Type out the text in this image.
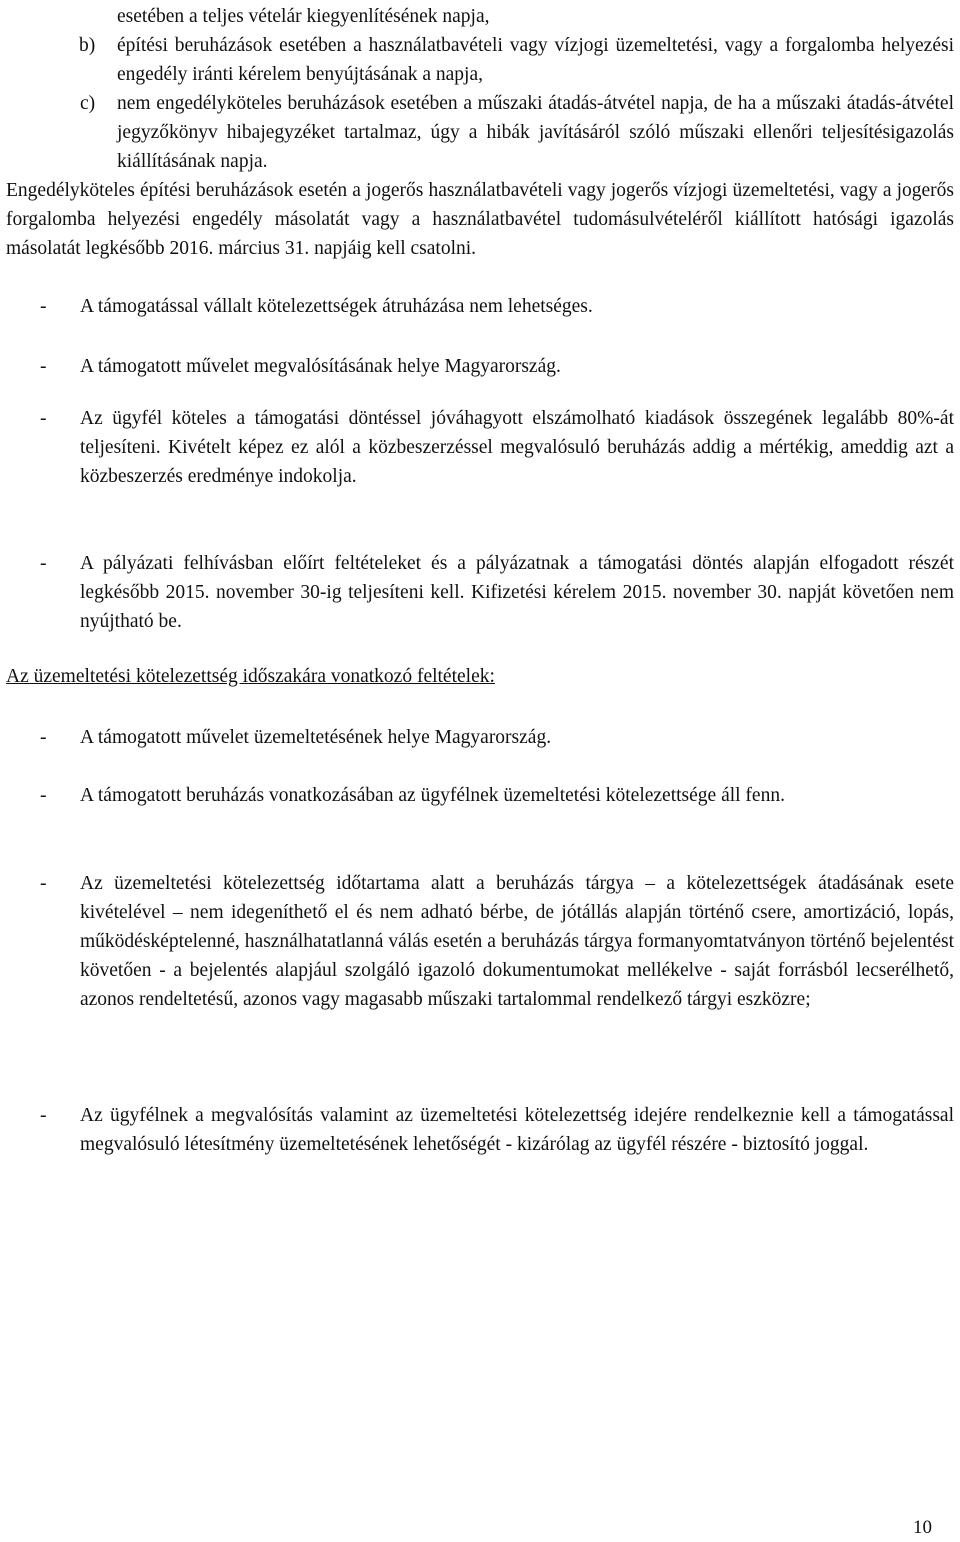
esetében a teljes vételár kiegyenlítésének napja,

b) építési beruházások esetében a használatbavételi vagy vízjogi üzemeltetési, vagy a forgalomba helyezési engedély iránti kérelem benyújtásának a napja,

c) nem engedélyköteles beruházások esetében a műszaki átadás-átvétel napja, de ha a műszaki átadás-átvétel jegyzőkönyv hibajegyzéket tartalmaz, úgy a hibák javításáról szóló műszaki ellenőri teljesítésigazolás kiállításának napja.

Engedélyköteles építési beruházások esetén a jogerős használatbavételi vagy jogerős vízjogi üzemeltetési, vagy a jogerős forgalomba helyezési engedély másolatát vagy a használatbavétel tudomásulvételéről kiállított hatósági igazolás másolatát legkésőbb 2016. március 31. napjáig kell csatolni.

- A támogatással vállalt kötelezettségek átruházása nem lehetséges.

- A támogatott művelet megvalósításának helye Magyarország.

- Az ügyfél köteles a támogatási döntéssel jóváhagyott elszámolható kiadások összegének legalább 80%-át teljesíteni. Kivételt képez ez alól a közbeszerzéssel megvalósuló beruházás addig a mértékig, ameddig azt a közbeszerzés eredménye indokolja.

- A pályázati felhívásban előírt feltételeket és a pályázatnak a támogatási döntés alapján elfogadott részét legkésőbb 2015. november 30-ig teljesíteni kell. Kifizetési kérelem 2015. november 30. napját követően nem nyújtható be.

Az üzemeltetési kötelezettség időszakára vonatkozó feltételek:

- A támogatott művelet üzemeltetésének helye Magyarország.

- A támogatott beruházás vonatkozásában az ügyfélnek üzemeltetési kötelezettsége áll fenn.

- Az üzemeltetési kötelezettség időtartama alatt a beruházás tárgya – a kötelezettségek átadásának esete kivételével – nem idegeníthető el és nem adható bérbe, de jótállás alapján történő csere, amortizáció, lopás, működésképtelenné, használhatatlanná válás esetén a beruházás tárgya formanyomtatványon történő bejelentést követően - a bejelentés alapjául szolgáló igazoló dokumentumokat mellékelve - saját forrásból lecserélhető, azonos rendeltetésű, azonos vagy magasabb műszaki tartalommal rendelkező tárgyi eszközre;

- Az ügyfélnek a megvalósítás valamint az üzemeltetési kötelezettség idejére rendelkeznie kell a támogatással megvalósuló létesítmény üzemeltetésének lehetőségét - kizárólag az ügyfél részére - biztosító joggal.

10
